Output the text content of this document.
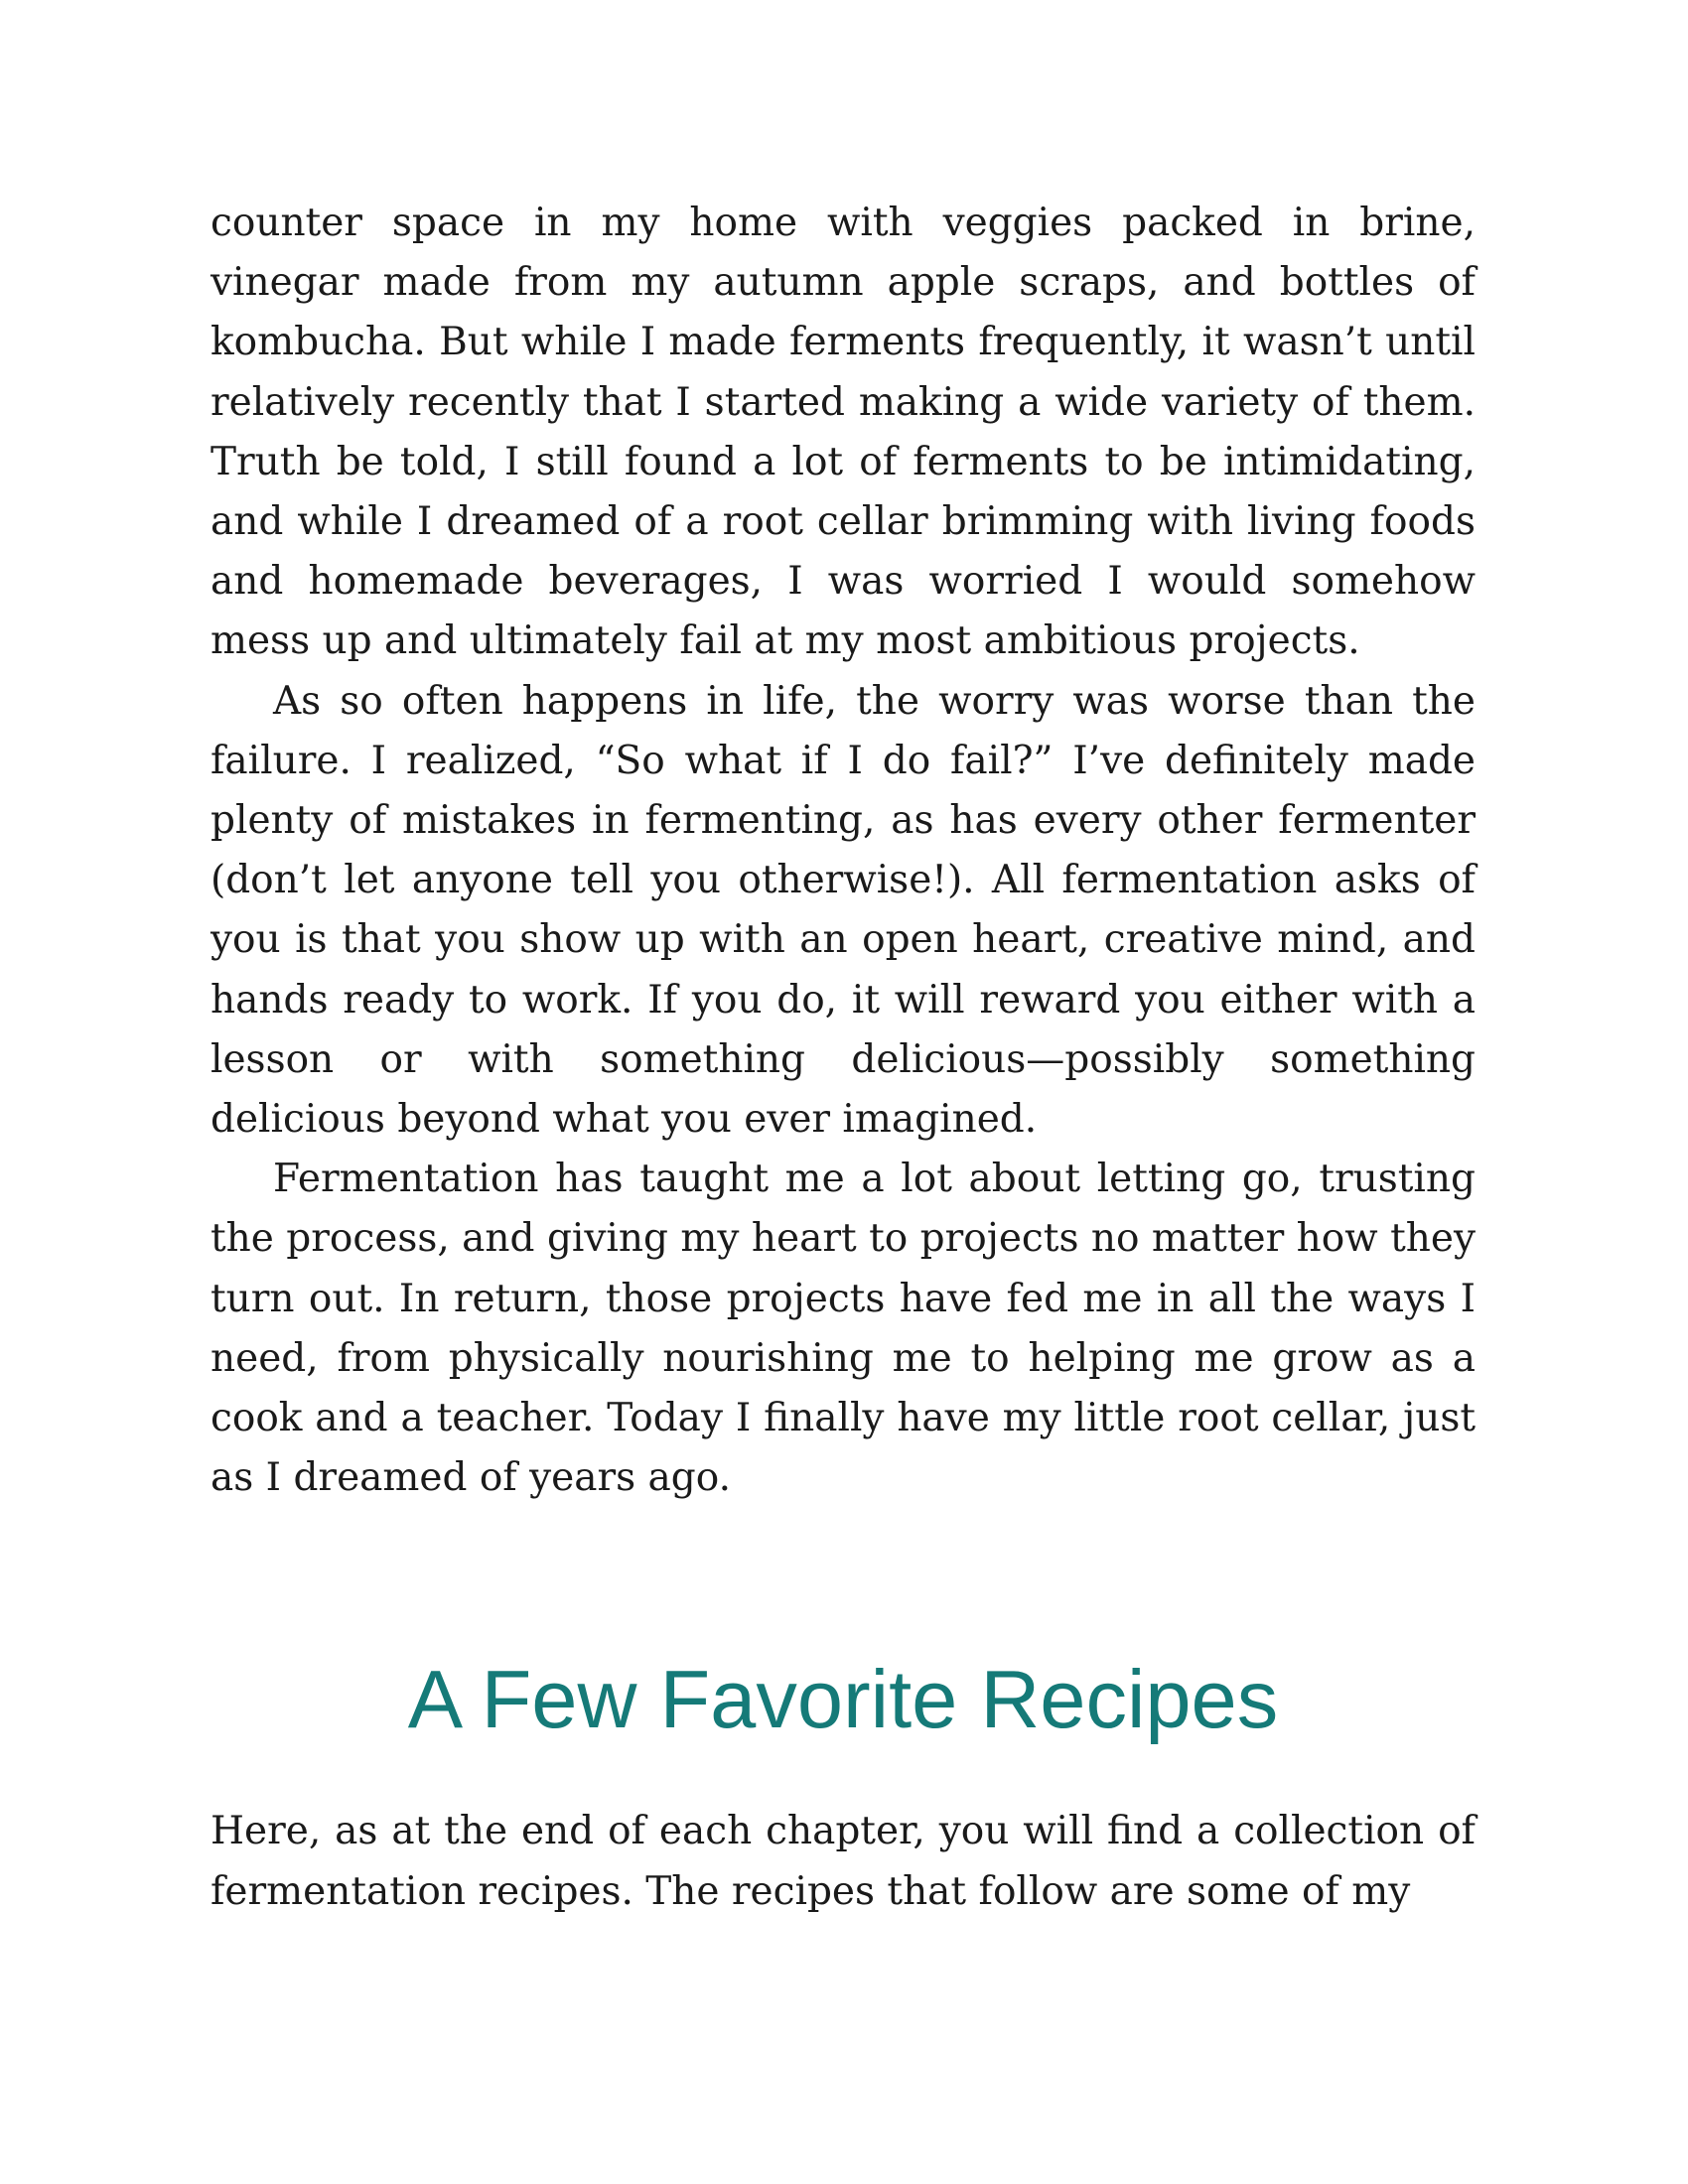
counter space in my home with veggies packed in brine, vinegar made from my autumn apple scraps, and bottles of kombucha. But while I made ferments frequently, it wasn’t until relatively recently that I started making a wide variety of them. Truth be told, I still found a lot of ferments to be intimidating, and while I dreamed of a root cellar brimming with living foods and homemade beverages, I was worried I would somehow mess up and ultimately fail at my most ambitious projects.

As so often happens in life, the worry was worse than the failure. I realized, “So what if I do fail?” I’ve definitely made plenty of mistakes in fermenting, as has every other fermenter (don’t let anyone tell you otherwise!). All fermentation asks of you is that you show up with an open heart, creative mind, and hands ready to work. If you do, it will reward you either with a lesson or with something delicious—possibly something delicious beyond what you ever imagined.

Fermentation has taught me a lot about letting go, trusting the process, and giving my heart to projects no matter how they turn out. In return, those projects have fed me in all the ways I need, from physically nourishing me to helping me grow as a cook and a teacher. Today I finally have my little root cellar, just as I dreamed of years ago.

A Few Favorite Recipes

Here, as at the end of each chapter, you will find a collection of fermentation recipes. The recipes that follow are some of my
